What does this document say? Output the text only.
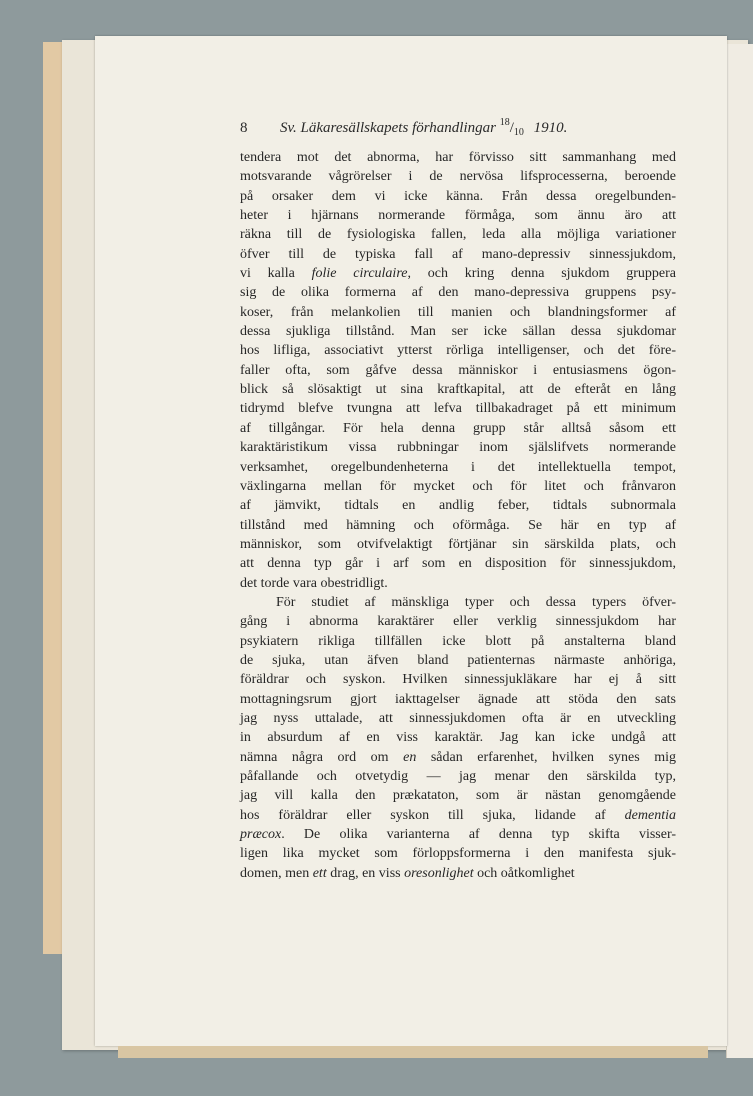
8 Sv. Läkaresällskapets förhandlingar $^{18}/_{10}$ 1910.
tendera mot det abnorma, har förvisso sitt sammanhang med
motsvarande vågrörelser i de nervösa lifsprocesserna, beroende
på orsaker dem vi icke känna. Från dessa oregelbunden-
heter i hjärnans normerande förmåga, som ännu äro att
räkna till de fysiologiska fallen, leda alla möjliga variationer
öfver till de typiska fall af mano-depressiv sinnessjukdom,
vi kalla folie circulaire, och kring denna sjukdom gruppera
sig de olika formerna af den mano-depressiva gruppens psy-
koser, från melankolien till manien och blandningsformer af
dessa sjukliga tillstånd. Man ser icke sällan dessa sjukdomar
hos lifliga, associativt ytterst rörliga intelligenser, och det före-
faller ofta, som gåfve dessa människor i entusiasmens ögon-
blick så slösaktigt ut sina kraftkapital, att de efteråt en lång
tidrymd blefve tvungna att lefva tillbakadraget på ett minimum
af tillgångar. För hela denna grupp står alltså såsom ett
karaktäristikum vissa rubbningar inom själslifvets normerande
verksamhet, oregelbundenheterna i det intellektuella tempot,
växlingarna mellan för mycket och för litet och frånvaron
af jämvikt, tidtals en andlig feber, tidtals subnormala
tillstånd med hämning och oförmåga. Se här en typ af
människor, som otvifvelaktigt förtjänar sin särskilda plats, och
att denna typ går i arf som en disposition för sinnessjukdom,
det torde vara obestridligt.
För studiet af mänskliga typer och dessa typers öfver-
gång i abnorma karaktärer eller verklig sinnessjukdom har
psykiatern rikliga tillfällen icke blott på anstalterna bland
de sjuka, utan äfven bland patienternas närmaste anhöriga,
föräldrar och syskon. Hvilken sinnessjukläkare har ej å sitt
mottagningsrum gjort iakttagelser ägnade att stöda den sats
jag nyss uttalade, att sinnessjukdomen ofta är en utveckling
in absurdum af en viss karaktär. Jag kan icke undgå att
nämna några ord om en sådan erfarenhet, hvilken synes mig
påfallande och otvetydig — jag menar den särskilda typ,
jag vill kalla den prækataton, som är nästan genomgående
hos föräldrar eller syskon till sjuka, lidande af dementia
præcox. De olika varianterna af denna typ skifta visser-
ligen lika mycket som förloppsformerna i den manifesta sjuk-
domen, men ett drag, en viss oresonlighet och oåtkomlighet
